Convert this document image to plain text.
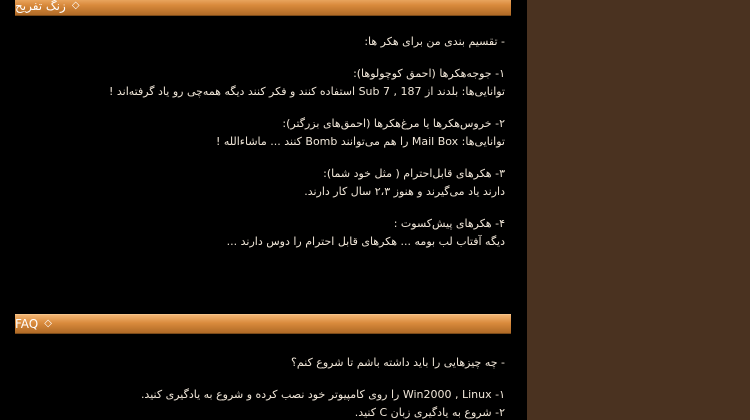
◇
زنگ تفریح
- تقسیم بندی من برای هکر ها:
۱- جوجه‌هکرها (احمق کوچولوها):
توانایی‌ها: بلدند از 187 , Sub 7 استفاده کنند و فکر کنند دیگه همه‌چی رو یاد گرفته‌اند !
۲- خروس‌هکرها یا مرغ‌هکرها (احمق‌های بزرگتر):
توانایی‌ها: Mail Box را هم می‌توانند Bomb کنند ... ماشاءالله !
۳- هکرهای قابل‌احترام ( مثل خود شما):
دارند یاد می‌گیرند و هنوز ۲،۳ سال کار دارند.
۴- هکرهای پیش‌کسوت :
دیگه آفتاب لب بومه ... هکرهای قابل احترام را دوس دارند ...
◇
FAQ
- چه چیزهایی را باید داشته باشم تا شروع کنم؟
۱- Win2000 , Linux را روی کامپیوتر خود نصب کرده و شروع به یادگیری کنید.
۲- شروع به یادگیری زبان C کنید.
